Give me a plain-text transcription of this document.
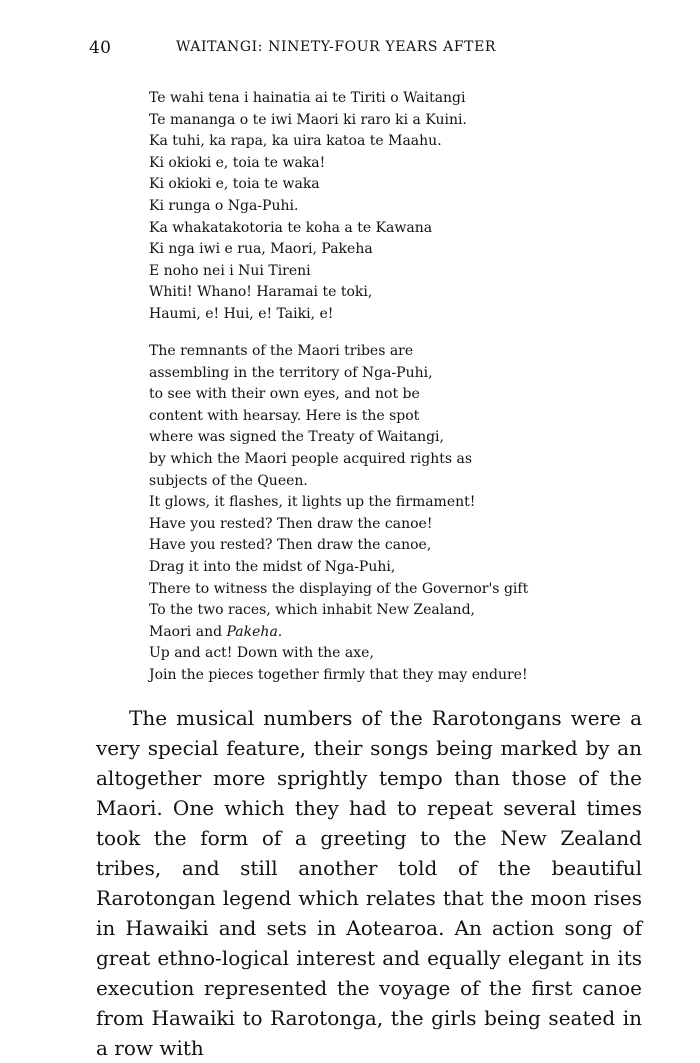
40	WAITANGI: NINETY-FOUR YEARS AFTER
Te wahi tena i hainatia ai te Tiriti o Waitangi
Te mananga o te iwi Maori ki raro ki a Kuini.
Ka tuhi, ka rapa, ka uira katoa te Maahu.
Ki okioki e, toia te waka!
Ki okioki e, toia te waka
Ki runga o Nga-Puhi.
Ka whakatakotoria te koha a te Kawana
Ki nga iwi e rua, Maori, Pakeha
E noho nei i Nui Tireni
Whiti! Whano! Haramai te toki,
Haumi, e! Hui, e! Taiki, e!
The remnants of the Maori tribes are
assembling in the territory of Nga-Puhi,
to see with their own eyes, and not be
content with hearsay. Here is the spot
where was signed the Treaty of Waitangi,
by which the Maori people acquired rights as
subjects of the Queen.
It glows, it flashes, it lights up the firmament!
Have you rested? Then draw the canoe!
Have you rested? Then draw the canoe,
Drag it into the midst of Nga-Puhi,
There to witness the displaying of the Governor's gift
To the two races, which inhabit New Zealand,
Maori and Pakeha.
Up and act! Down with the axe,
Join the pieces together firmly that they may endure!

The musical numbers of the Rarotongans were a very special feature, their songs being marked by an altogether more sprightly tempo than those of the Maori. One which they had to repeat several times took the form of a greeting to the New Zealand tribes, and still another told of the beautiful Rarotongan legend which relates that the moon rises in Hawaiki and sets in Aotearoa. An action song of great ethno-logical interest and equally elegant in its execution represented the voyage of the first canoe from Hawaiki to Rarotonga, the girls being seated in a row with
